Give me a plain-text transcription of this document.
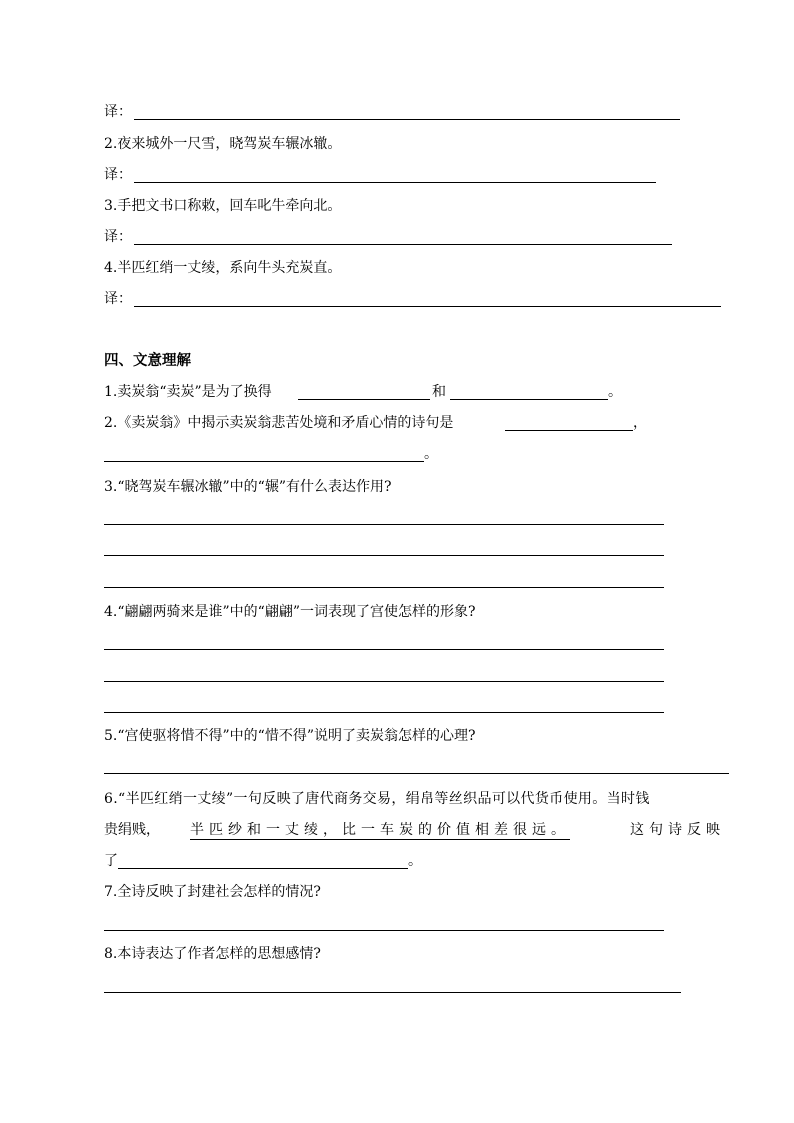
译：
2.夜来城外一尺雪，晓驾炭车辗冰辙。
译：
3.手把文书口称敕，回车叱牛牵向北。
译：
4.半匹红绡一丈绫，系向牛头充炭直。
译：
四、文意理解
1.卖炭翁“卖炭”是为了换得	和	。
2.《卖炭翁》中揭示卖炭翁悲苦处境和矛盾心情的诗句是	，
。
3.“晓驾炭车辗冰辙”中的“辗”有什么表达作用?
4.“翩翩两骑来是谁”中的“翩翩”一词表现了宫使怎样的形象?
5.“宫使驱将惜不得”中的“惜不得”说明了卖炭翁怎样的心理?
6.“半匹红绡一丈绫”一句反映了唐代商务交易，绢帛等丝织品可以代货币使用。当时钱
贵绢贱， 半匹纱和一丈绫，比一车炭的价值相差很远。	这句诗反映
了	。
7.全诗反映了封建社会怎样的情况?
8.本诗表达了作者怎样的思想感情?
